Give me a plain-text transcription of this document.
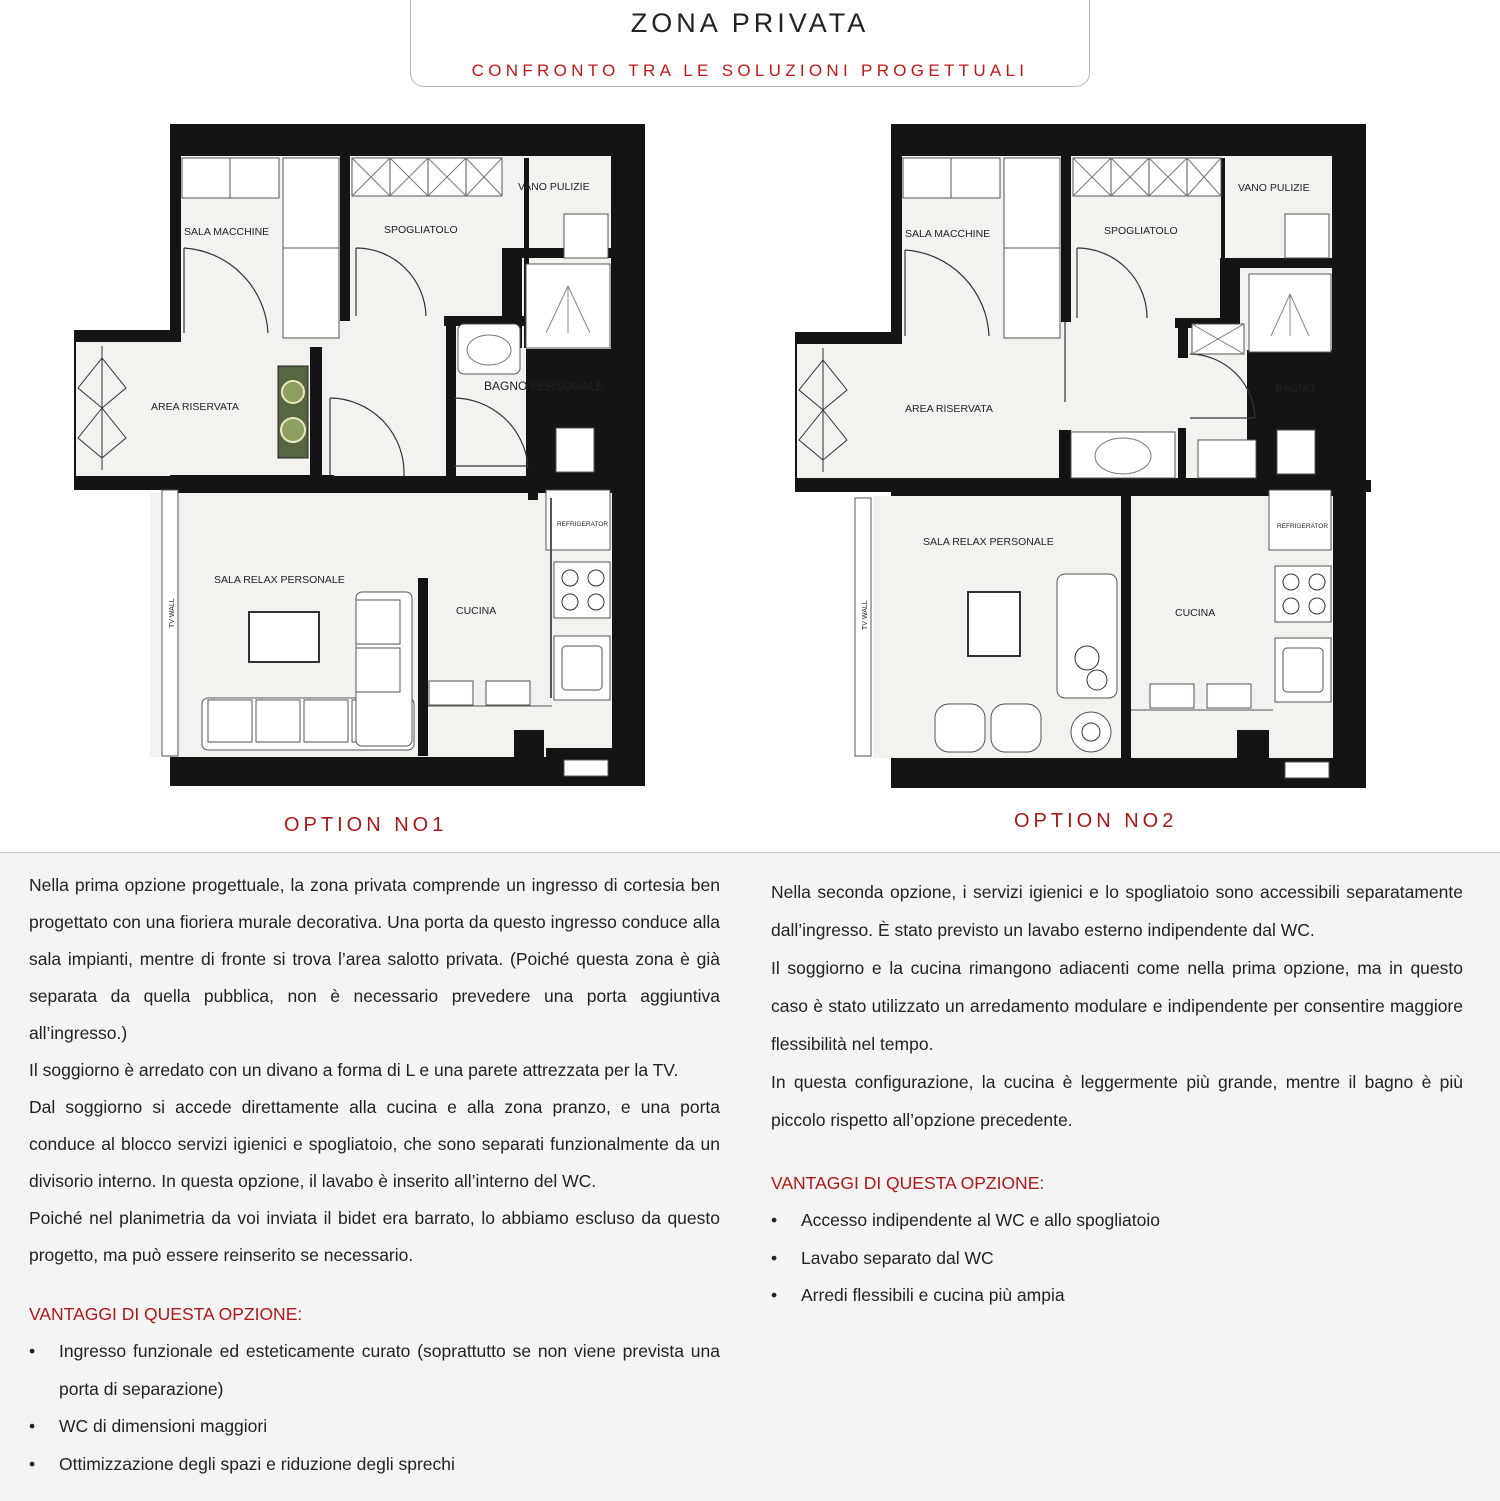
ZONA PRIVATA
CONFRONTO TRA LE SOLUZIONI PROGETTUALI
SALA MACCHINE	SPOGLIATOLO
VANO PULIZIE
AREA RISERVATA
BAGNO PERSONALE
SALA RELAX PERSONALE
CUCINA
REFRIGERATOR
TV WALL
OPTION NO1
SALA MACCHINE	SPOGLIATOLO
VANO PULIZIE
AREA RISERVATA
BAGNO
SALA RELAX PERSONALE
CUCINA
REFRIGERATOR
TV WALL
OPTION NO2

Nella prima opzione progettuale, la zona privata comprende un ingresso di cortesia ben progettato con una fioriera murale decorativa. Una porta da questo ingresso conduce alla sala impianti, mentre di fronte si trova l’area salotto privata. (Poiché questa zona è già separata da quella pubblica, non è necessario prevedere una porta aggiuntiva all’ingresso.)

Il soggiorno è arredato con un divano a forma di L e una parete attrezzata per la TV.

Dal soggiorno si accede direttamente alla cucina e alla zona pranzo, e una porta conduce al blocco servizi igienici e spogliatoio, che sono separati funzionalmente da un divisorio interno. In questa opzione, il lavabo è inserito all’interno del WC.

Poiché nel planimetria da voi inviata il bidet era barrato, lo abbiamo escluso da questo progetto, ma può essere reinserito se necessario.

VANTAGGI DI QUESTA OPZIONE:

• Ingresso funzionale ed esteticamente curato (soprattutto se non viene prevista una porta di separazione)
• WC di dimensioni maggiori
• Ottimizzazione degli spazi e riduzione degli sprechi

Nella seconda opzione, i servizi igienici e lo spogliatoio sono accessibili separatamente dall’ingresso. È stato previsto un lavabo esterno indipendente dal WC.

Il soggiorno e la cucina rimangono adiacenti come nella prima opzione, ma in questo caso è stato utilizzato un arredamento modulare e indipendente per consentire maggiore flessibilità nel tempo.

In questa configurazione, la cucina è leggermente più grande, mentre il bagno è più piccolo rispetto all’opzione precedente.

VANTAGGI DI QUESTA OPZIONE:

• Accesso indipendente al WC e allo spogliatoio
• Lavabo separato dal WC
• Arredi flessibili e cucina più ampia
